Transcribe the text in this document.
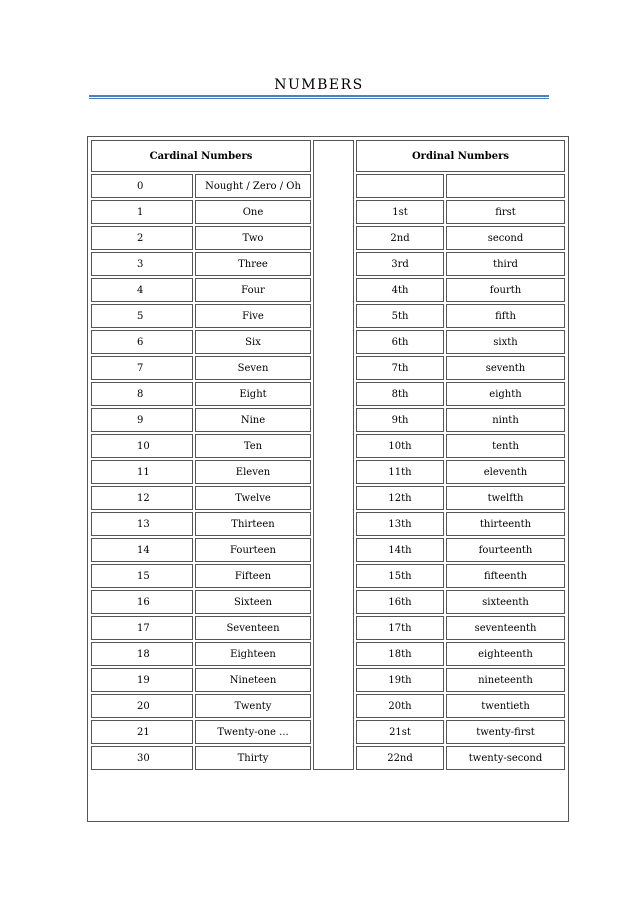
NUMBERS
Cardinal Numbers			Ordinal Numbers	
0	Nought / Zero / Oh			
1	One		1st	first
2	Two		2nd	second
3	Three		3rd	third
4	Four		4th	fourth
5	Five		5th	fifth
6	Six		6th	sixth
7	Seven		7th	seventh
8	Eight		8th	eighth
9	Nine		9th	ninth
10	Ten		10th	tenth
11	Eleven		11th	eleventh
12	Twelve		12th	twelfth
13	Thirteen		13th	thirteenth
14	Fourteen		14th	fourteenth
15	Fifteen		15th	fifteenth
16	Sixteen		16th	sixteenth
17	Seventeen		17th	seventeenth
18	Eighteen		18th	eighteenth
19	Nineteen		19th	nineteenth
20	Twenty		20th	twentieth
21	Twenty-one ...		21st	twenty-first
30	Thirty		22nd	twenty-second
